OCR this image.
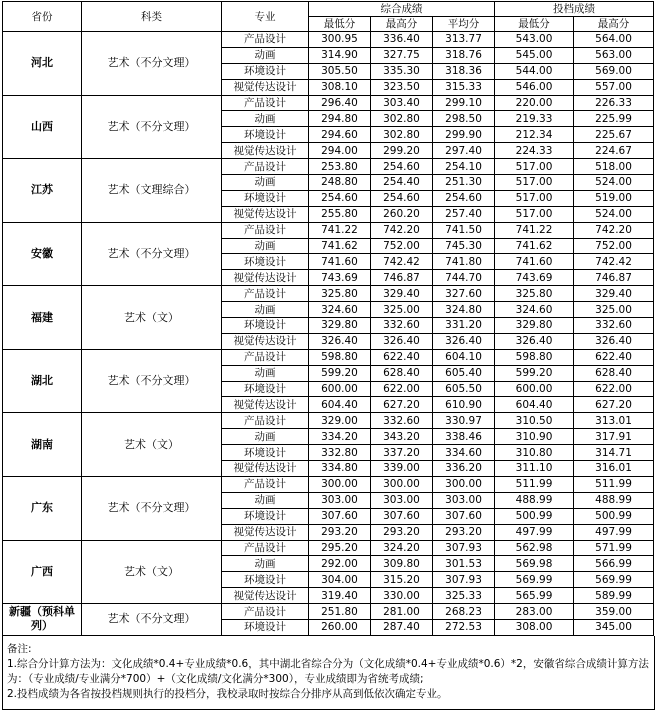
省份	科类	专业	综合成绩			投档成绩	
			最低分	最高分	平均分	最低分	最高分
河北	艺术（不分文理）	产品设计	300.95	336.40	313.77	543.00	564.00
		动画	314.90	327.75	318.76	545.00	563.00
		环境设计	305.50	335.30	318.36	544.00	569.00
		视觉传达设计	308.10	323.50	315.33	546.00	557.00
山西	艺术（不分文理）	产品设计	296.40	303.40	299.10	220.00	226.33
		动画	294.80	302.80	298.50	219.33	225.99
		环境设计	294.60	302.80	299.90	212.34	225.67
		视觉传达设计	294.00	299.20	297.40	224.33	224.67
江苏	艺术（文理综合）	产品设计	253.80	254.60	254.10	517.00	518.00
		动画	248.80	254.40	251.30	517.00	524.00
		环境设计	254.60	254.60	254.60	517.00	519.00
		视觉传达设计	255.80	260.20	257.40	517.00	524.00
安徽	艺术（不分文理）	产品设计	741.22	742.20	741.50	741.22	742.20
		动画	741.62	752.00	745.30	741.62	752.00
		环境设计	741.60	742.42	741.80	741.60	742.42
		视觉传达设计	743.69	746.87	744.70	743.69	746.87
福建	艺术（文）	产品设计	325.80	329.40	327.60	325.80	329.40
		动画	324.60	325.00	324.80	324.60	325.00
		环境设计	329.80	332.60	331.20	329.80	332.60
		视觉传达设计	326.40	326.40	326.40	326.40	326.40
湖北	艺术（不分文理）	产品设计	598.80	622.40	604.10	598.80	622.40
		动画	599.20	628.40	605.40	599.20	628.40
		环境设计	600.00	622.00	605.50	600.00	622.00
		视觉传达设计	604.40	627.20	610.90	604.40	627.20
湖南	艺术（文）	产品设计	329.00	332.60	330.97	310.50	313.01
		动画	334.20	343.20	338.46	310.90	317.91
		环境设计	332.80	337.20	334.60	310.80	314.71
		视觉传达设计	334.80	339.00	336.20	311.10	316.01
广东	艺术（不分文理）	产品设计	300.00	300.00	300.00	511.99	511.99
		动画	303.00	303.00	303.00	488.99	488.99
		环境设计	307.60	307.60	307.60	500.99	500.99
		视觉传达设计	293.20	293.20	293.20	497.99	497.99
广西	艺术（文）	产品设计	295.20	324.20	307.93	562.98	571.99
		动画	292.00	309.80	301.53	569.98	566.99
		环境设计	304.00	315.20	307.93	569.99	569.99
		视觉传达设计	319.40	330.00	325.33	565.99	589.99
新疆（预科单列）	艺术（不分文理）	产品设计	251.80	281.00	268.23	283.00	359.00
		环境设计	260.00	287.40	272.53	308.00	345.00
备注:
1.综合分计算方法为：文化成绩*0.4+专业成绩*0.6，其中湖北省综合分为（文化成绩*0.4+专业成绩*0.6）*2，安徽省综合成绩计算方法为：（专业成绩/专业满分*700）+（文化成绩/文化满分*300），专业成绩即为省统考成绩;
2.投档成绩为各省按投档规则执行的投档分，我校录取时按综合分排序从高到低依次确定专业。
